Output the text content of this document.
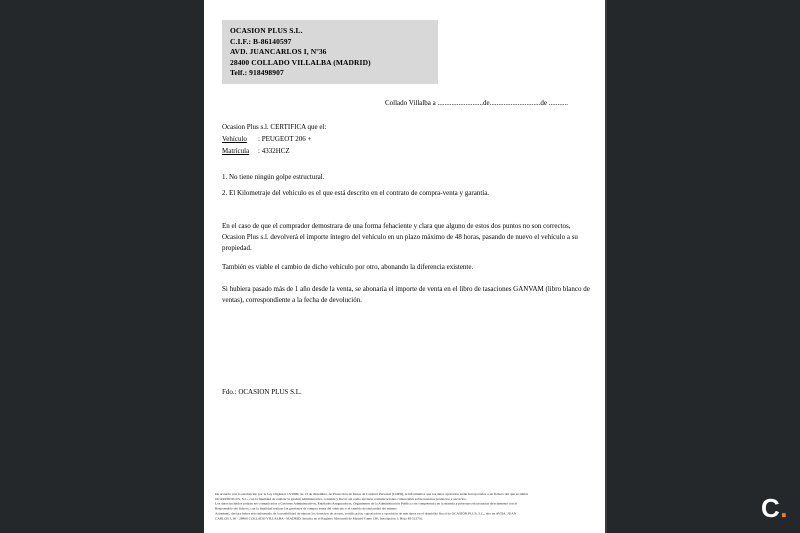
OCASION PLUS S.L.
C.I.F.: B-86140597
AVD. JUANCARLOS I, Nº36
28400 COLLADO VILLALBA (MADRID)
Telf.: 918498907
Collado Villalba a ..........................de.............................de ...........
Ocasion Plus s.l. CERTIFICA que el:
Vehículo : PEUGEOT 206 +
Matrícula : 4332HCZ
1. No tiene ningún golpe estructural.
2. El Kilometraje del vehículo es el que está descrito en el contrato de compra-venta y garantía.
En el caso de que el comprador demostrara de una forma fehaciente y clara que alguno de estos dos puntos no son correctos, Ocasion Plus s.l. devolverá el importe íntegro del vehículo en un plazo máximo de 48 horas, pasando de nuevo el vehículo a su propiedad.
También es viable el cambio de dicho vehículo por otro, abonando la diferencia existente.
Si hubiera pasado más de 1 año desde la venta, se abonaría el importe de venta en el libro de tasaciones GANVAM (libro blanco de ventas), correspondiente a la fecha de devolución.
Fdo.: OCASION PLUS S.L.
De acuerdo con lo establecido por la Ley Orgánica 15/1999, de 13 de diciembre, de Protección de Datos de Carácter Personal (LOPD), le informamos que los datos aportados serán incorporados a un fichero del que es titular
OCASIÓN PLUS, S.L., con la finalidad de realizar la gestión administrativa, contable y fiscal, así como enviarle comunicaciones comerciales sobre nuestros productos y servicios.
Los datos incluidos podrán ser comunicados a Gestores Administrativos, Entidades Aseguradoras, Organismos de la Administración Pública con competencia en la materia y personas relacionadas directamente con el
Responsable del fichero, con la finalidad realizar las gestiones de compra venta del vehículo y el cambio de titularidad del mismo.
Asimismo, declara haber sido informado de la posibilidad de ejercer los derechos de acceso, rectificación, cancelación y oposición de mis datos en el domicilio fiscal de OCASIÓN PLUS, S.L., sito en AVDA. JUAN
CARLOS I, 36 - 28400 COLLADO VILLALBA - MADRID. Inscrita en el Registro Mercantil de Madrid Tomo 130, Inscripción 1, Hoja M-512731.	C.
